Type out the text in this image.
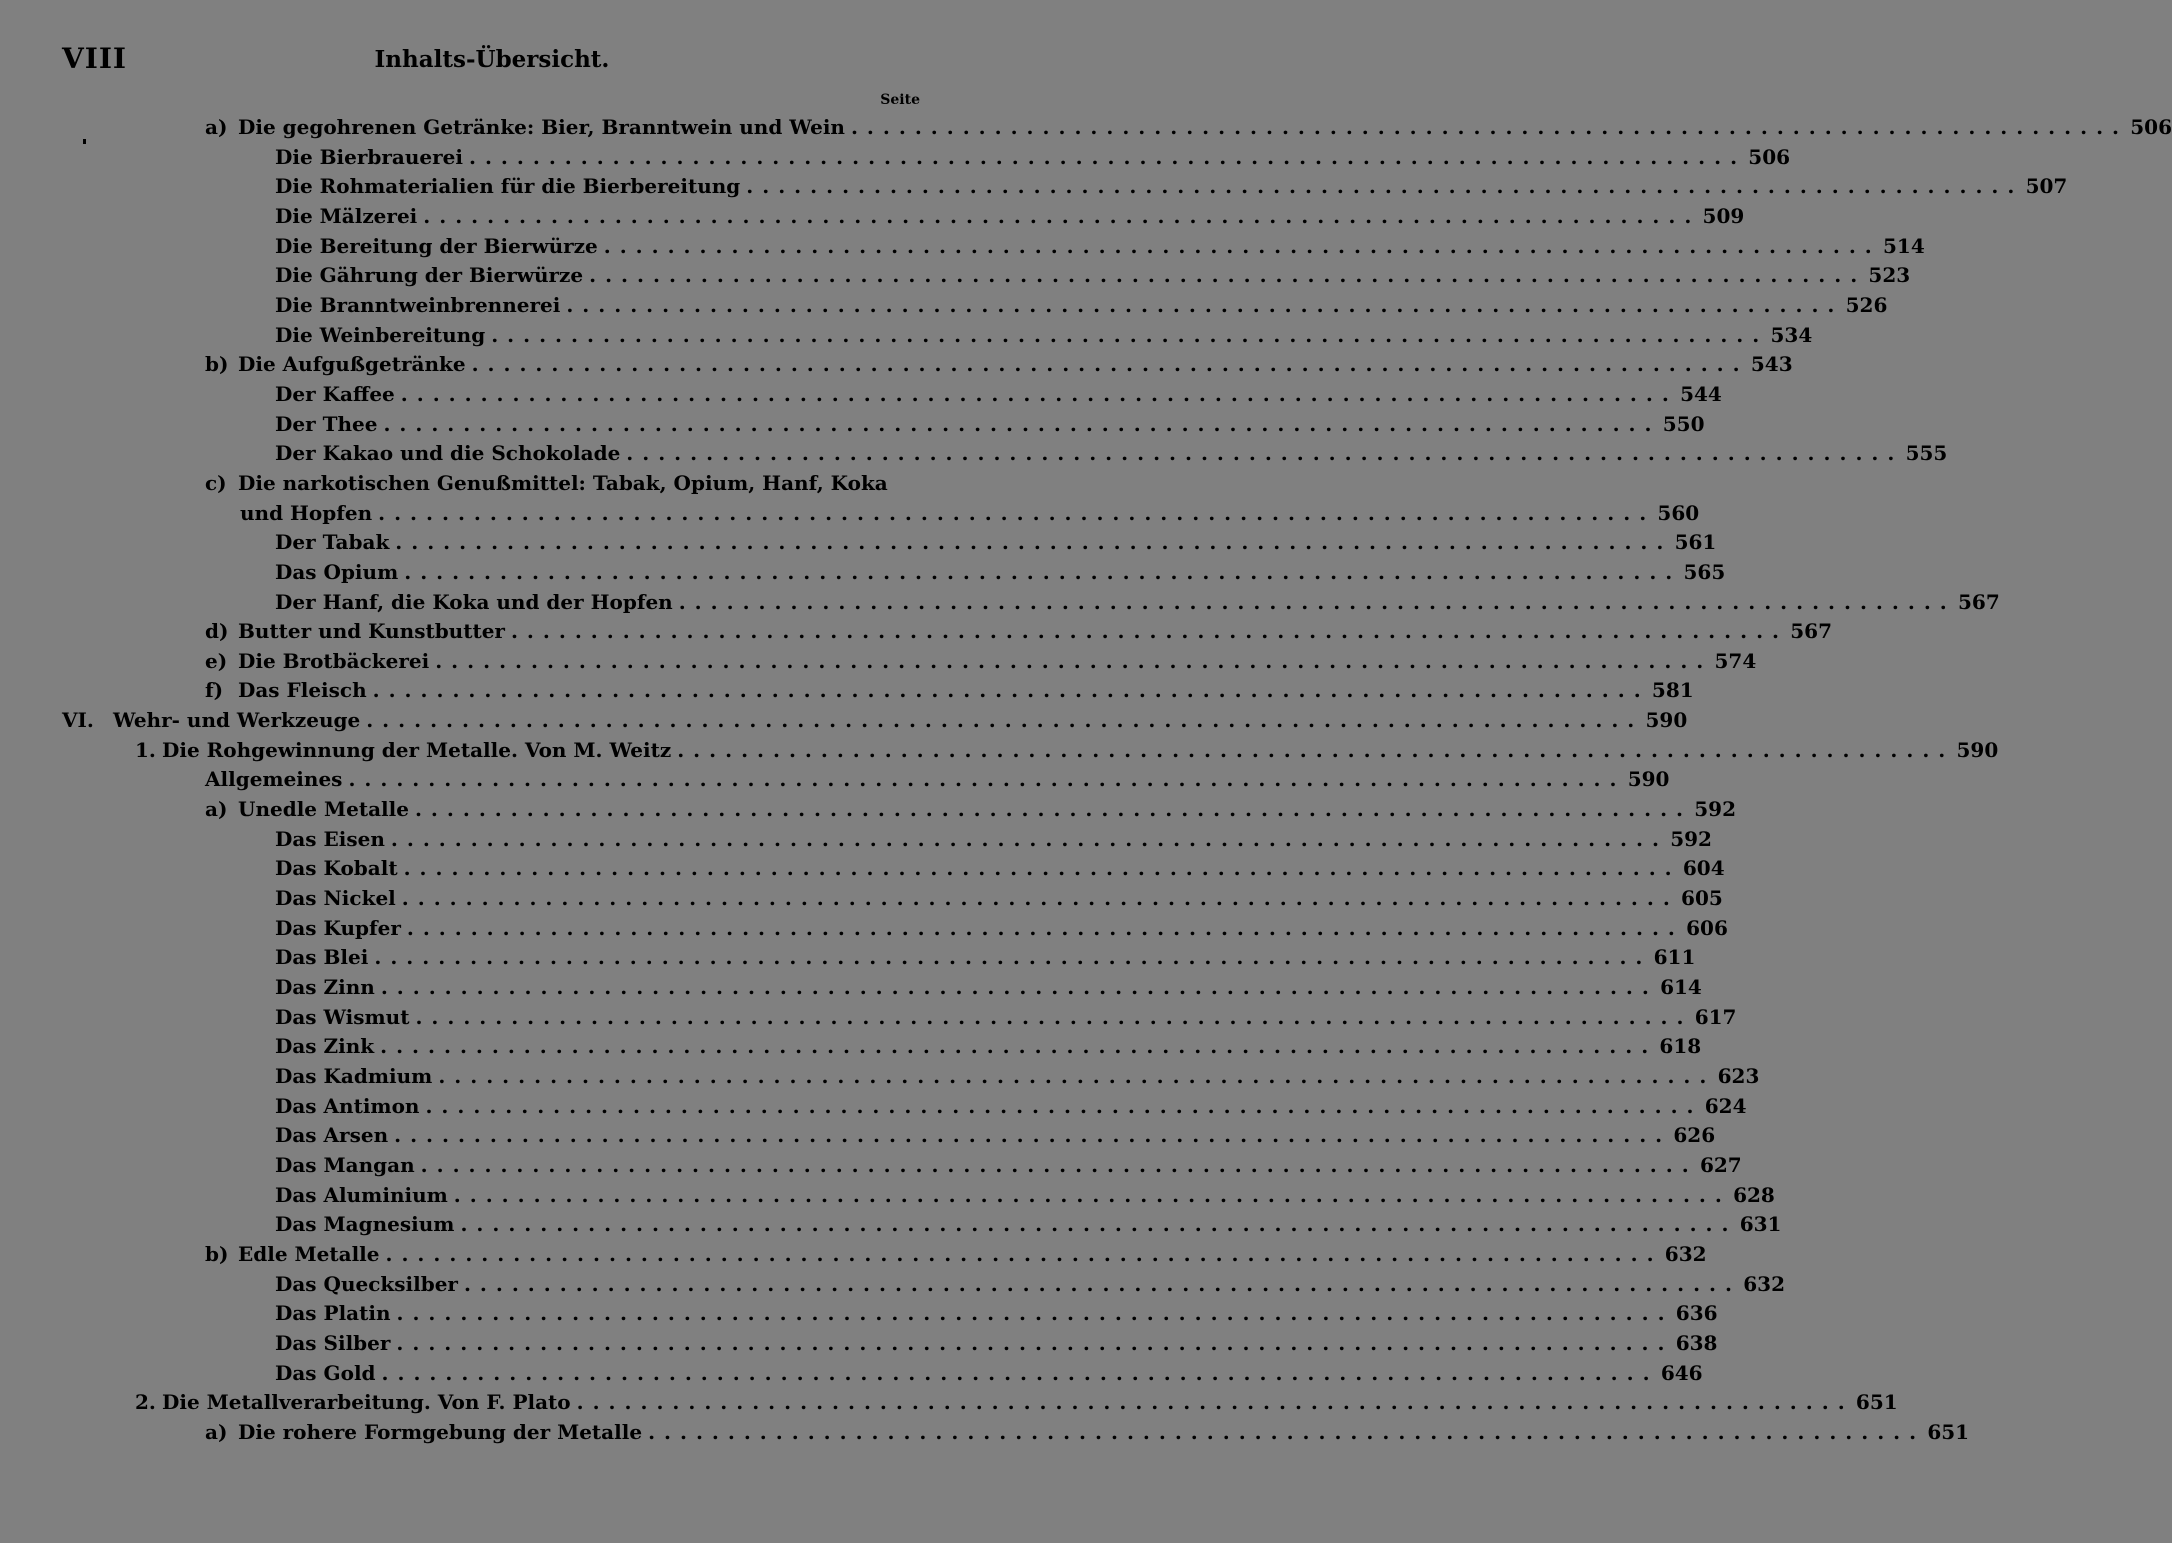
VIII	Inhalts-Übersicht.
Seite
a) Die gegohrenen Getränke: Bier, Branntwein und Wein ................................................................................ 506
Die Bierbrauerei ................................................................................ 506
Die Rohmaterialien für die Bierbereitung ................................................................................ 507
Die Mälzerei ................................................................................ 509
Die Bereitung der Bierwürze ................................................................................ 514
Die Gährung der Bierwürze ................................................................................ 523
Die Branntweinbrennerei ................................................................................ 526
Die Weinbereitung ................................................................................ 534
b) Die Aufgußgetränke ................................................................................ 543
Der Kaffee ................................................................................ 544
Der Thee ................................................................................ 550
Der Kakao und die Schokolade ................................................................................ 555
c) Die narkotischen Genußmittel: Tabak, Opium, Hanf, Koka
und Hopfen ................................................................................ 560
Der Tabak ................................................................................ 561
Das Opium ................................................................................ 565
Der Hanf, die Koka und der Hopfen ................................................................................ 567
d) Butter und Kunstbutter ................................................................................ 567
e) Die Brotbäckerei ................................................................................ 574
f) Das Fleisch ................................................................................ 581
VI. Wehr- und Werkzeuge ................................................................................ 590
1. Die Rohgewinnung der Metalle. Von M. Weitz ................................................................................ 590
Allgemeines ................................................................................ 590
a) Unedle Metalle ................................................................................ 592
Das Eisen ................................................................................ 592
Das Kobalt ................................................................................ 604
Das Nickel ................................................................................ 605
Das Kupfer ................................................................................ 606
Das Blei ................................................................................ 611
Das Zinn ................................................................................ 614
Das Wismut ................................................................................ 617
Das Zink ................................................................................ 618
Das Kadmium ................................................................................ 623
Das Antimon ................................................................................ 624
Das Arsen ................................................................................ 626
Das Mangan ................................................................................ 627
Das Aluminium ................................................................................ 628
Das Magnesium ................................................................................ 631
b) Edle Metalle ................................................................................ 632
Das Quecksilber ................................................................................ 632
Das Platin ................................................................................ 636
Das Silber ................................................................................ 638
Das Gold ................................................................................ 646
2. Die Metallverarbeitung. Von F. Plato ................................................................................ 651
a) Die rohere Formgebung der Metalle ................................................................................ 651
